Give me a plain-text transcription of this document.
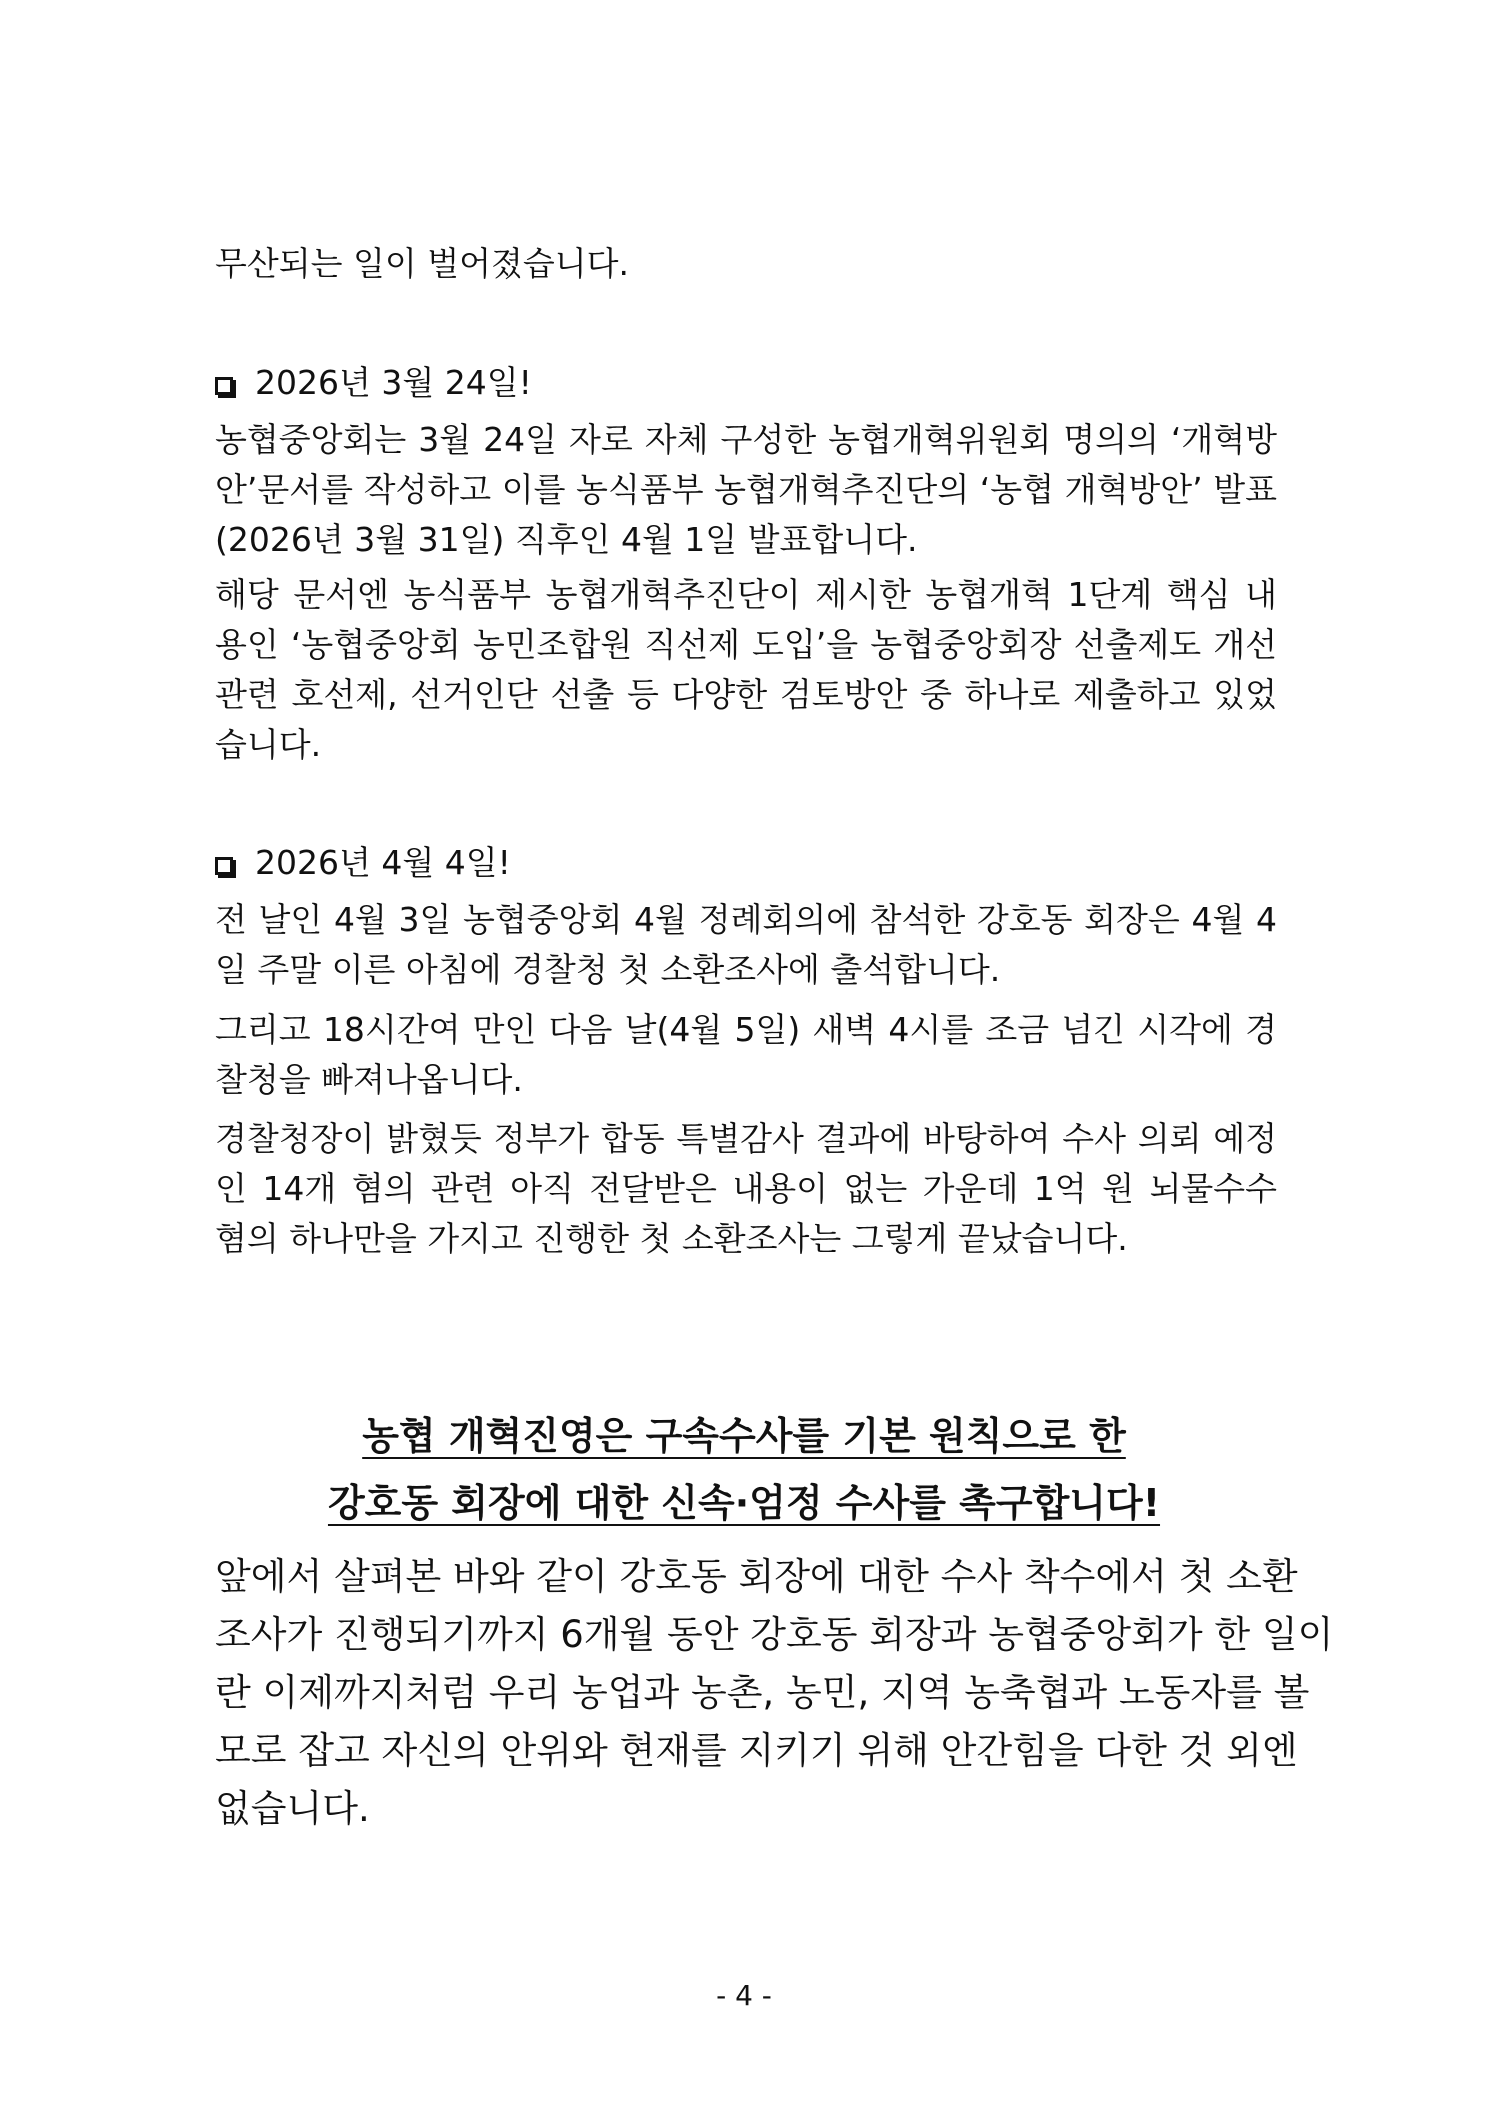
무산되는 일이 벌어졌습니다.
2026년 3월 24일!
농협중앙회는 3월 24일 자로 자체 구성한 농협개혁위원회 명의의 ‘개혁방
안’문서를 작성하고 이를 농식품부 농협개혁추진단의 ‘농협 개혁방안’ 발표
(2026년 3월 31일) 직후인 4월 1일 발표합니다.
해당 문서엔 농식품부 농협개혁추진단이 제시한 농협개혁 1단계 핵심 내
용인 ‘농협중앙회 농민조합원 직선제 도입’을 농협중앙회장 선출제도 개선
관련 호선제, 선거인단 선출 등 다양한 검토방안 중 하나로 제출하고 있었
습니다.
2026년 4월 4일!
전 날인 4월 3일 농협중앙회 4월 정례회의에 참석한 강호동 회장은 4월 4
일 주말 이른 아침에 경찰청 첫 소환조사에 출석합니다.
그리고 18시간여 만인 다음 날(4월 5일) 새벽 4시를 조금 넘긴 시각에 경
찰청을 빠져나옵니다.
경찰청장이 밝혔듯 정부가 합동 특별감사 결과에 바탕하여 수사 의뢰 예정
인 14개 혐의 관련 아직 전달받은 내용이 없는 가운데 1억 원 뇌물수수
혐의 하나만을 가지고 진행한 첫 소환조사는 그렇게 끝났습니다.
농협 개혁진영은 구속수사를 기본 원칙으로 한
강호동 회장에 대한 신속·엄정 수사를 촉구합니다!
앞에서 살펴본 바와 같이 강호동 회장에 대한 수사 착수에서 첫 소환
조사가 진행되기까지 6개월 동안 강호동 회장과 농협중앙회가 한 일이
란 이제까지처럼 우리 농업과 농촌, 농민, 지역 농축협과 노동자를 볼
모로 잡고 자신의 안위와 현재를 지키기 위해 안간힘을 다한 것 외엔
없습니다.
- 4 -
